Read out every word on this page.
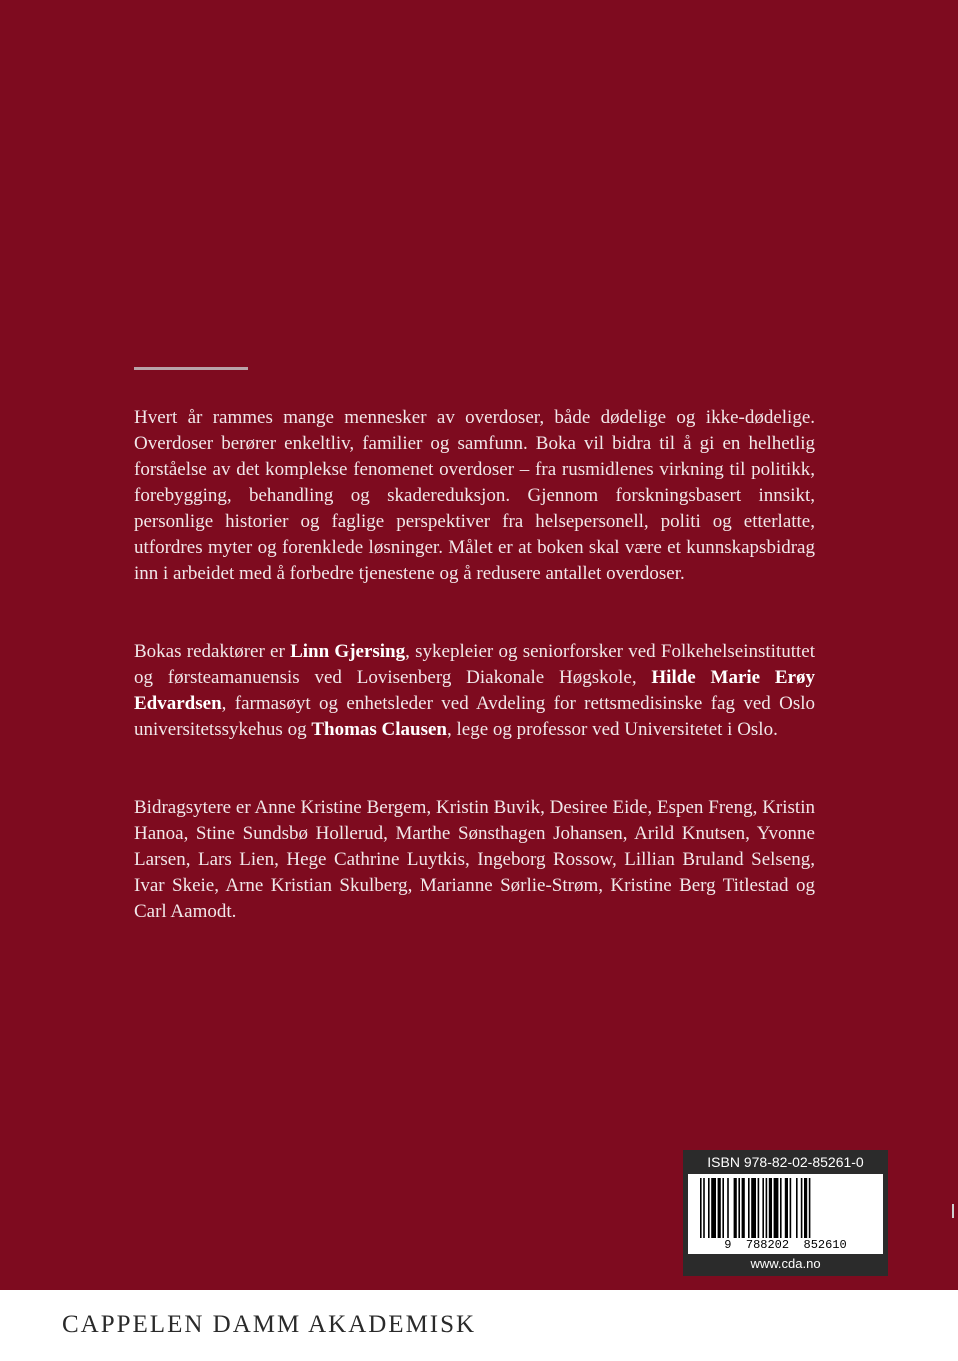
Hvert år rammes mange mennesker av overdoser, både dødelige og ikke-dødelige. Overdoser berører enkeltliv, familier og samfunn. Boka vil bidra til å gi en helhetlig forståelse av det komplekse fenomenet overdoser – fra rusmidlenes virkning til politikk, forebygging, behandling og skadereduksjon. Gjennom forskningsbasert innsikt, personlige historier og faglige perspektiver fra helsepersonell, politi og etterlatte, utfordres myter og forenklede løsninger. Målet er at boken skal være et kunnskapsbidrag inn i arbeidet med å forbedre tjenestene og å redusere antallet overdoser.

Bokas redaktører er Linn Gjersing, sykepleier og seniorforsker ved Folkehelseinstituttet og førsteamanuensis ved Lovisenberg Diakonale Høgskole, Hilde Marie Erøy Edvardsen, farmasøyt og enhetsleder ved Avdeling for rettsmedisinske fag ved Oslo universitetssykehus og Thomas Clausen, lege og professor ved Universitetet i Oslo.

Bidragsytere er Anne Kristine Bergem, Kristin Buvik, Desiree Eide, Espen Freng, Kristin Hanoa, Stine Sundsbø Hollerud, Marthe Sønsthagen Johansen, Arild Knutsen, Yvonne Larsen, Lars Lien, Hege Cathrine Luytkis, Ingeborg Rossow, Lillian Bruland Selseng, Ivar Skeie, Arne Kristian Skulberg, Marianne Sørlie-Strøm, Kristine Berg Titlestad og Carl Aamodt.

ISBN 978-82-02-85261-0
9 788202 852610
www.cda.no
CAPPELEN DAMM AKADEMISK
